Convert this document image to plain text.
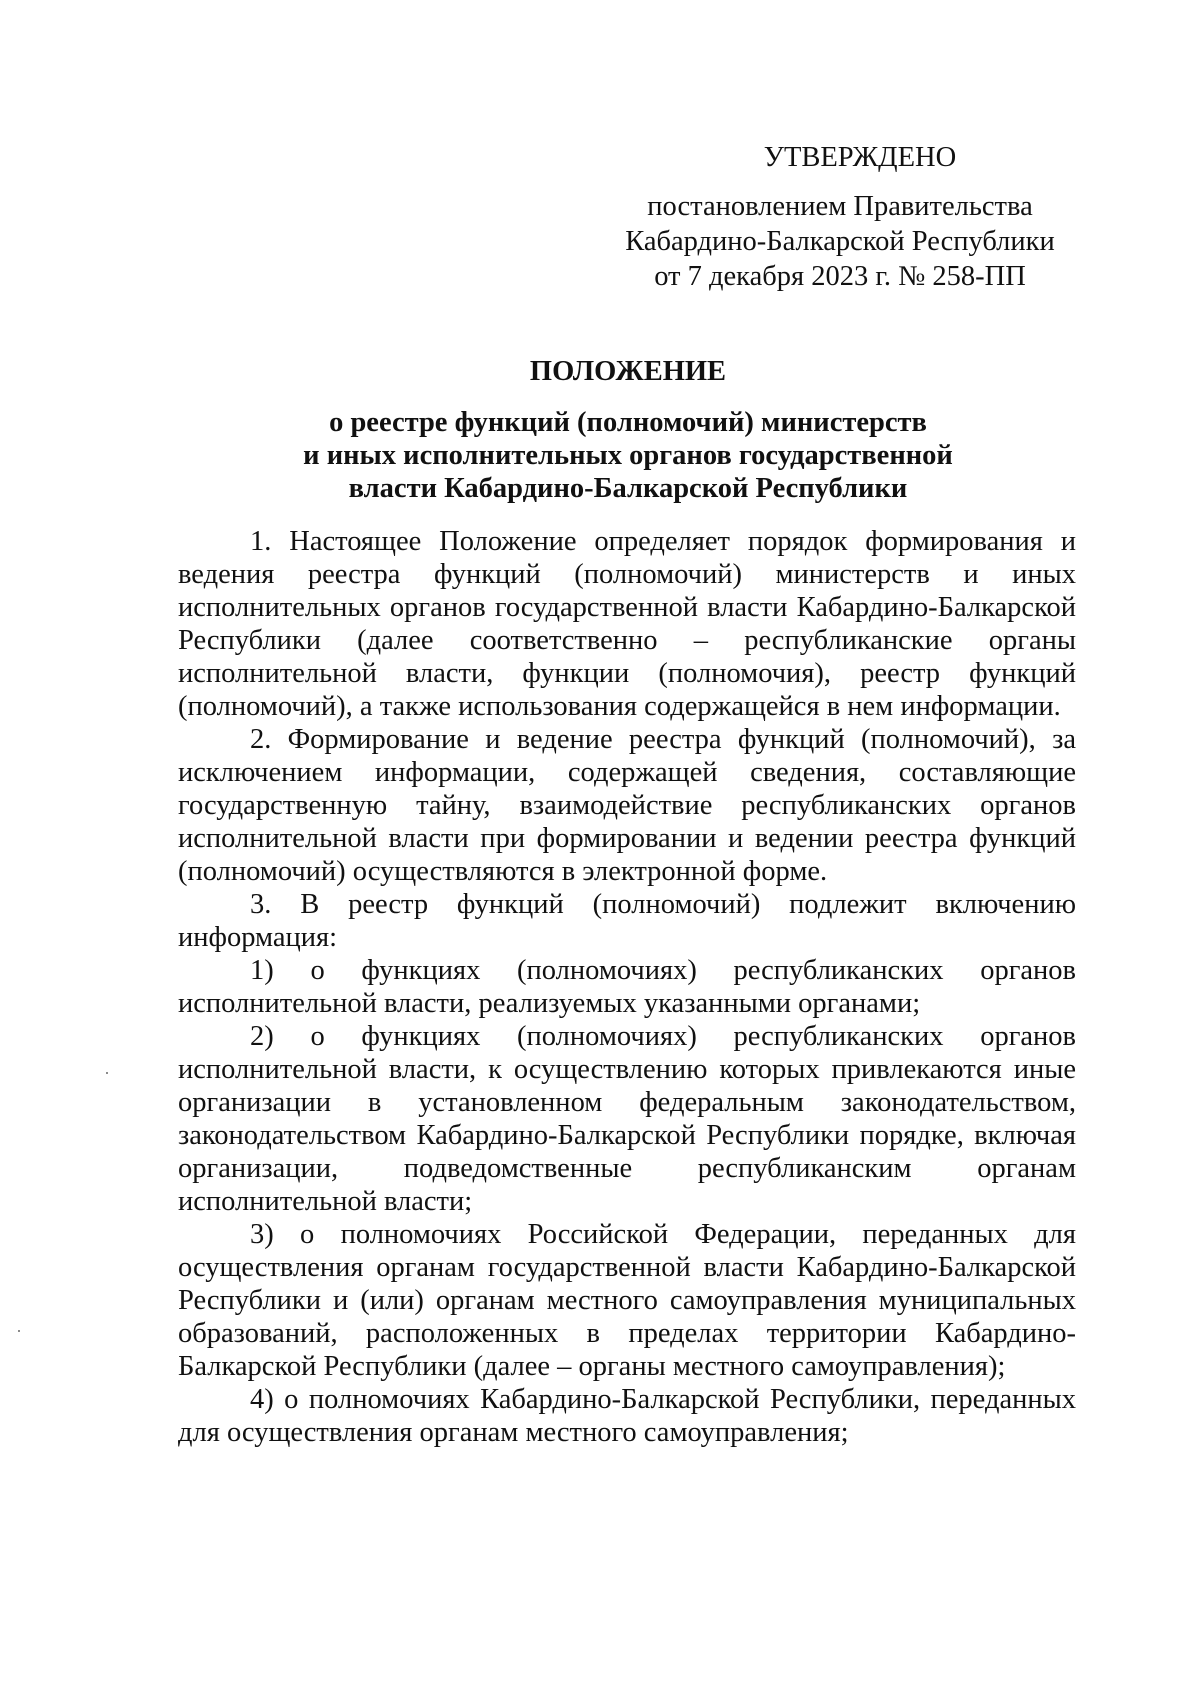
УТВЕРЖДЕНО
постановлением Правительства
Кабардино-Балкарской Республики
от 7 декабря 2023 г. № 258-ПП
ПОЛОЖЕНИЕ
о реестре функций (полномочий) министерств
и иных исполнительных органов государственной
власти Кабардино-Балкарской Республики

1. Настоящее Положение определяет порядок формирования и ведения реестра функций (полномочий) министерств и иных исполнительных органов государственной власти Кабардино-Балкарской Республики (далее соответственно – республиканские органы исполнительной власти, функции (полномочия), реестр функций (полномочий), а также использования содержащейся в нем информации.

2. Формирование и ведение реестра функций (полномочий), за исключением информации, содержащей сведения, составляющие государственную тайну, взаимодействие республиканских органов исполнительной власти при формировании и ведении реестра функций (полномочий) осуществляются в электронной форме.

3. В реестр функций (полномочий) подлежит включению информация:

1) о функциях (полномочиях) республиканских органов исполнительной власти, реализуемых указанными органами;

2) о функциях (полномочиях) республиканских органов исполнительной власти, к осуществлению которых привлекаются иные организации в установленном федеральным законодательством, законодательством Кабардино-Балкарской Республики порядке, включая организации, подведомственные республиканским органам исполнительной власти;

3) о полномочиях Российской Федерации, переданных для осуществления органам государственной власти Кабардино-Балкарской Республики и (или) органам местного самоуправления муниципальных образований, расположенных в пределах территории Кабардино-Балкарской Республики (далее – органы местного самоуправления);

4) о полномочиях Кабардино-Балкарской Республики, переданных для осуществления органам местного самоуправления;
